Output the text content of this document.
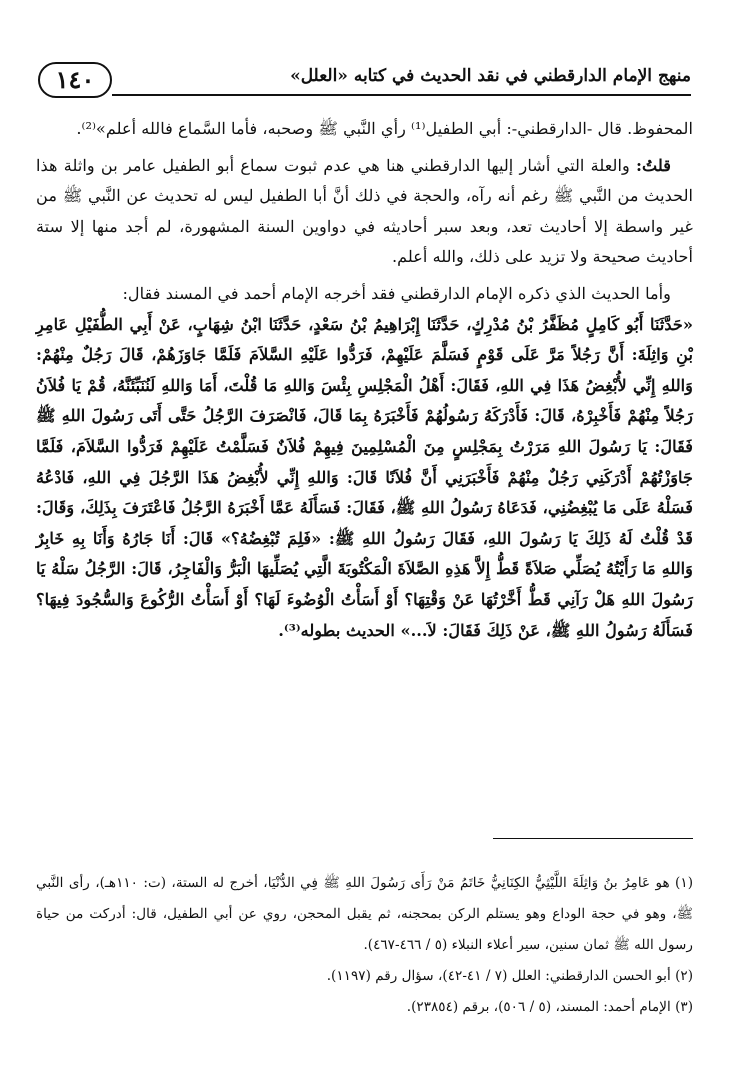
١٤٠	منهج الإمام الدارقطني في نقد الحديث في كتابه «العلل»

المحفوظ. قال -الدارقطني-: أبي الطفيل⁽¹⁾ رأي النَّبي ﷺ وصحبه، فأما السَّماع فالله أعلم»⁽²⁾.

قلتُ: والعلة التي أشار إليها الدارقطني هنا هي عدم ثبوت سماع أبو الطفيل عامر بن واثلة هذا الحديث من النَّبي ﷺ رغم أنه رآه، والحجة في ذلك أنَّ أبا الطفيل ليس له تحديث عن النَّبي ﷺ من غير واسطة إلا أحاديث تعد، وبعد سبر أحاديثه في دواوين السنة المشهورة، لم أجد منها إلا ستة أحاديث صحيحة ولا تزيد على ذلك، والله أعلم.

وأما الحديث الذي ذكره الإمام الدارقطني فقد أخرجه الإمام أحمد في المسند فقال:

«حَدَّثَنَا أَبُو كَامِلٍ مُظَفَّرُ بْنُ مُدْرِكٍ، حَدَّثَنَا إِبْرَاهِيمُ بْنُ سَعْدٍ، حَدَّثَنَا ابْنُ شِهَابٍ، عَنْ أَبِي الطُّفَيْلِ عَامِرِ بْنِ وَاثِلَةَ: أَنَّ رَجُلاً مَرَّ عَلَى قَوْمٍ فَسَلَّمَ عَلَيْهِمْ، فَرَدُّوا عَلَيْهِ السَّلاَمَ فَلَمَّا جَاوَزَهُمْ، قَالَ رَجُلٌ مِنْهُمْ: وَاللهِ إِنِّي لأُبْغِضُ هَذَا فِي اللهِ، فَقَالَ: أَهْلُ الْمَجْلِسِ بِئْسَ وَاللهِ مَا قُلْتَ، أَمَا وَاللهِ لَنُنَبِّئَنَّهُ، قُمْ يَا فُلاَنُ رَجُلاً مِنْهُمْ فَأَخْبِرْهُ، قَالَ: فَأَدْرَكَهُ رَسُولُهُمْ فَأَخْبَرَهُ بِمَا قَالَ، فَانْصَرَفَ الرَّجُلُ حَتَّى أَتَى رَسُولَ اللهِ ﷺ فَقَالَ: يَا رَسُولَ اللهِ مَرَرْتُ بِمَجْلِسٍ مِنَ الْمُسْلِمِينَ فِيهِمْ فُلاَنٌ فَسَلَّمْتُ عَلَيْهِمْ فَرَدُّوا السَّلاَمَ، فَلَمَّا جَاوَزْتُهُمْ أَدْرَكَنِي رَجُلٌ مِنْهُمْ فَأَخْبَرَنِي أَنَّ فُلاَنًا قَالَ: وَاللهِ إِنِّي لأُبْغِضُ هَذَا الرَّجُلَ فِي اللهِ، فَادْعُهُ فَسَلْهُ عَلَى مَا يُبْغِضُنِي، فَدَعَاهُ رَسُولُ اللهِ ﷺ، فَقَالَ: فَسَأَلَهُ عَمَّا أَخْبَرَهُ الرَّجُلُ فَاعْتَرَفَ بِذَلِكَ، وَقَالَ: قَدْ قُلْتُ لَهُ ذَلِكَ يَا رَسُولَ اللهِ، فَقَالَ رَسُولُ اللهِ ﷺ: «فَلِمَ تُبْغِضُهُ؟» قَالَ: أَنَا جَارُهُ وَأَنَا بِهِ خَابِرٌ وَاللهِ مَا رَأَيْتُهُ يُصَلِّي صَلاَةً قَطُّ إِلاَّ هَذِهِ الصَّلاَةَ الْمَكْتُوبَةَ الَّتِي يُصَلِّيهَا الْبَرُّ وَالْفَاجِرُ، قَالَ: الرَّجُلُ سَلْهُ يَا رَسُولَ اللهِ هَلْ رَآنِي قَطُّ أَخَّرْتُهَا عَنْ وَقْتِهَا؟ أَوْ أَسَأْتُ الْوُضُوءَ لَهَا؟ أَوْ أَسَأْتُ الرُّكُوعَ وَالسُّجُودَ فِيهَا؟ فَسَأَلَهُ رَسُولُ اللهِ ﷺ، عَنْ ذَلِكَ فَقَالَ: لاَ...» الحديث بطوله⁽³⁾.

(١) هو عَامِرُ بنُ وَاثِلَةَ اللَّيْثِيُّ الكِنَانِيُّ خَاتَمُ مَنْ رَأَى رَسُولَ اللهِ ﷺ فِي الدُّنْيَا، أخرج له الستة، (ت: ١١٠هـ)، رأى النَّبي ﷺ، وهو في حجة الوداع وهو يستلم الركن بمحجنه، ثم يقبل المحجن، روي عن أبي الطفيل، قال: أدركت من حياة رسول الله ﷺ ثمان سنين، سير أعلاء النبلاء (٥ / ٤٦٦-٤٦٧).

(٢) أبو الحسن الدارقطني: العلل (٧ / ٤١-٤٢)، سؤال رقم (١١٩٧).

(٣) الإمام أحمد: المسند، (٥ / ٥٠٦)، برقم (٢٣٨٥٤).
